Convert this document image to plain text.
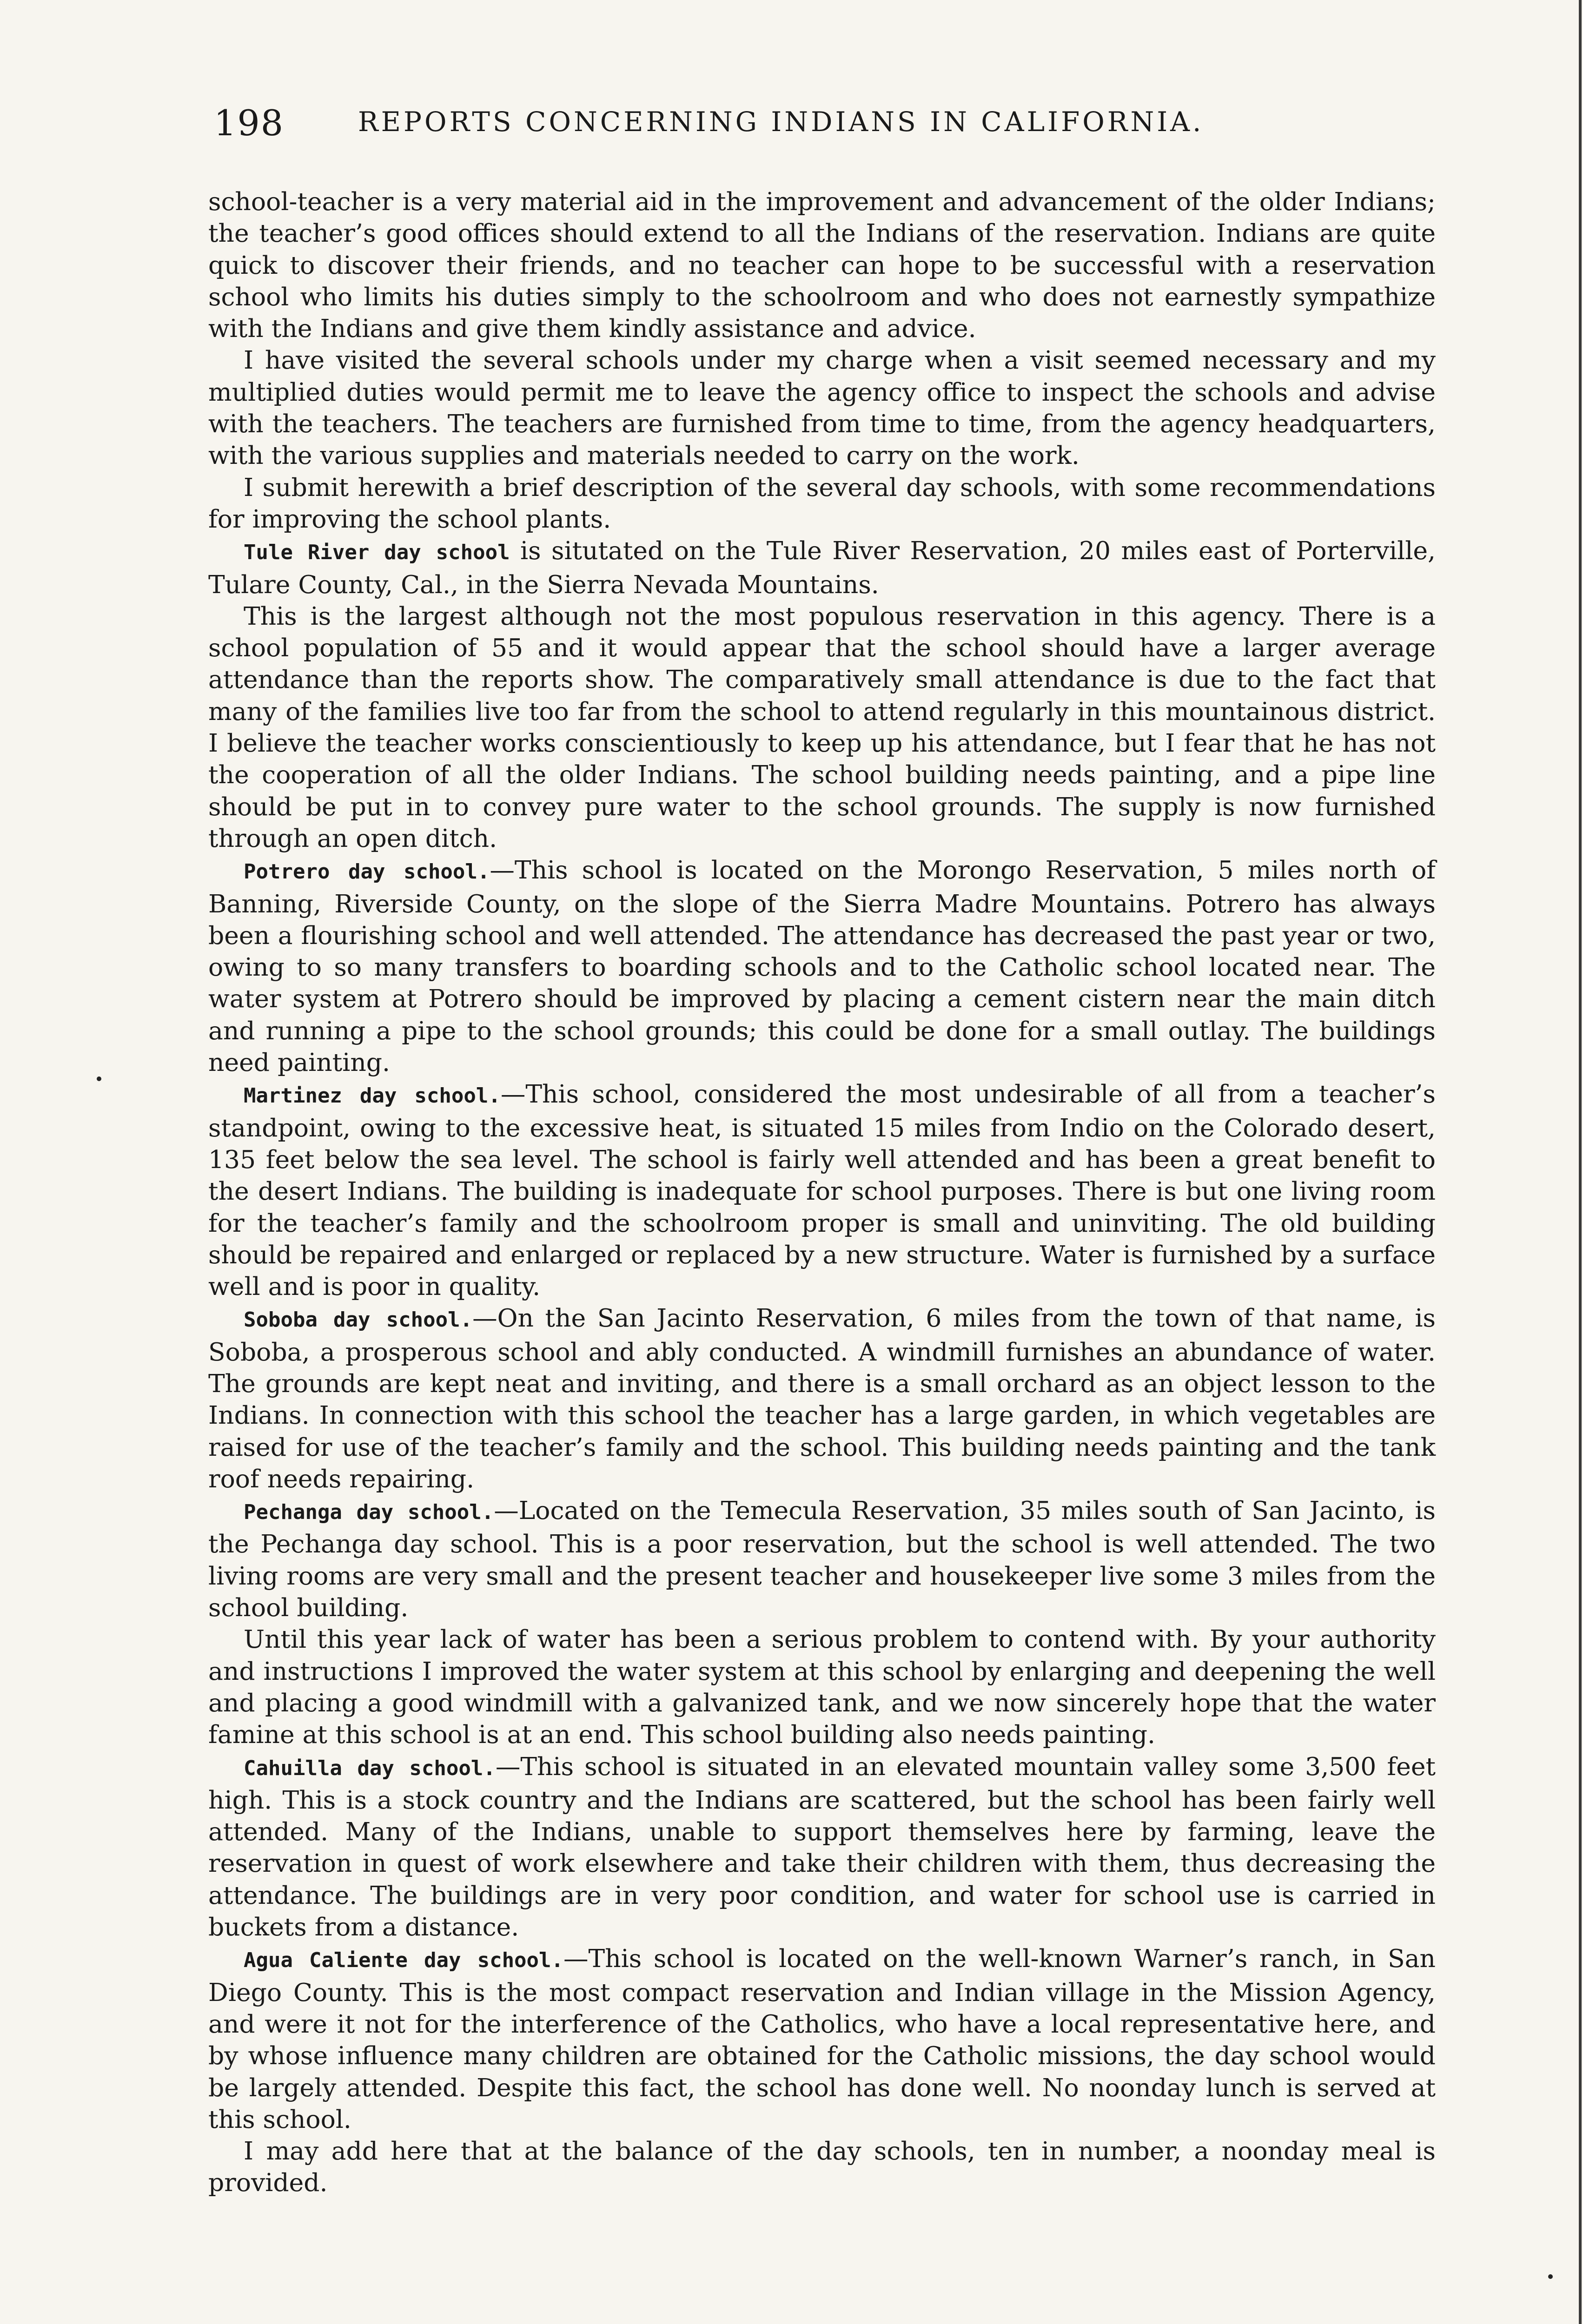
198	REPORTS CONCERNING INDIANS IN CALIFORNIA.

school-teacher is a very material aid in the improvement and advancement of the older Indians; the teacher’s good offices should extend to all the Indians of the reservation. Indians are quite quick to discover their friends, and no teacher can hope to be successful with a reservation school who limits his duties simply to the schoolroom and who does not earnestly sympathize with the Indians and give them kindly assistance and advice.

I have visited the several schools under my charge when a visit seemed necessary and my multiplied duties would permit me to leave the agency office to inspect the schools and advise with the teachers. The teachers are furnished from time to time, from the agency headquarters, with the various supplies and materials needed to carry on the work.

I submit herewith a brief description of the several day schools, with some recommendations for improving the school plants.

Tule River day school is situtated on the Tule River Reservation, 20 miles east of Porterville, Tulare County, Cal., in the Sierra Nevada Mountains.

This is the largest although not the most populous reservation in this agency. There is a school population of 55 and it would appear that the school should have a larger average attendance than the reports show. The comparatively small attendance is due to the fact that many of the families live too far from the school to attend regularly in this mountainous district. I believe the teacher works conscientiously to keep up his attendance, but I fear that he has not the cooperation of all the older Indians. The school building needs painting, and a pipe line should be put in to convey pure water to the school grounds. The supply is now furnished through an open ditch.

Potrero day school.—This school is located on the Morongo Reservation, 5 miles north of Banning, Riverside County, on the slope of the Sierra Madre Mountains. Potrero has always been a flourishing school and well attended. The attendance has decreased the past year or two, owing to so many transfers to boarding schools and to the Catholic school located near. The water system at Potrero should be improved by placing a cement cistern near the main ditch and running a pipe to the school grounds; this could be done for a small outlay. The buildings need painting.

Martinez day school.—This school, considered the most undesirable of all from a teacher’s standpoint, owing to the excessive heat, is situated 15 miles from Indio on the Colorado desert, 135 feet below the sea level. The school is fairly well attended and has been a great benefit to the desert Indians. The building is inadequate for school purposes. There is but one living room for the teacher’s family and the schoolroom proper is small and uninviting. The old building should be repaired and enlarged or replaced by a new structure. Water is furnished by a surface well and is poor in quality.

Soboba day school.—On the San Jacinto Reservation, 6 miles from the town of that name, is Soboba, a prosperous school and ably conducted. A windmill furnishes an abundance of water. The grounds are kept neat and inviting, and there is a small orchard as an object lesson to the Indians. In connection with this school the teacher has a large garden, in which vegetables are raised for use of the teacher’s family and the school. This building needs painting and the tank roof needs repairing.

Pechanga day school.—Located on the Temecula Reservation, 35 miles south of San Jacinto, is the Pechanga day school. This is a poor reservation, but the school is well attended. The two living rooms are very small and the present teacher and housekeeper live some 3 miles from the school building.

Until this year lack of water has been a serious problem to contend with. By your authority and instructions I improved the water system at this school by enlarging and deepening the well and placing a good windmill with a galvanized tank, and we now sincerely hope that the water famine at this school is at an end. This school building also needs painting.

Cahuilla day school.—This school is situated in an elevated mountain valley some 3,500 feet high. This is a stock country and the Indians are scattered, but the school has been fairly well attended. Many of the Indians, unable to support themselves here by farming, leave the reservation in quest of work elsewhere and take their children with them, thus decreasing the attendance. The buildings are in very poor condition, and water for school use is carried in buckets from a distance.

Agua Caliente day school.—This school is located on the well-known Warner’s ranch, in San Diego County. This is the most compact reservation and Indian village in the Mission Agency, and were it not for the interference of the Catholics, who have a local representative here, and by whose influence many children are obtained for the Catholic missions, the day school would be largely attended. Despite this fact, the school has done well. No noonday lunch is served at this school.

I may add here that at the balance of the day schools, ten in number, a noonday meal is provided.
